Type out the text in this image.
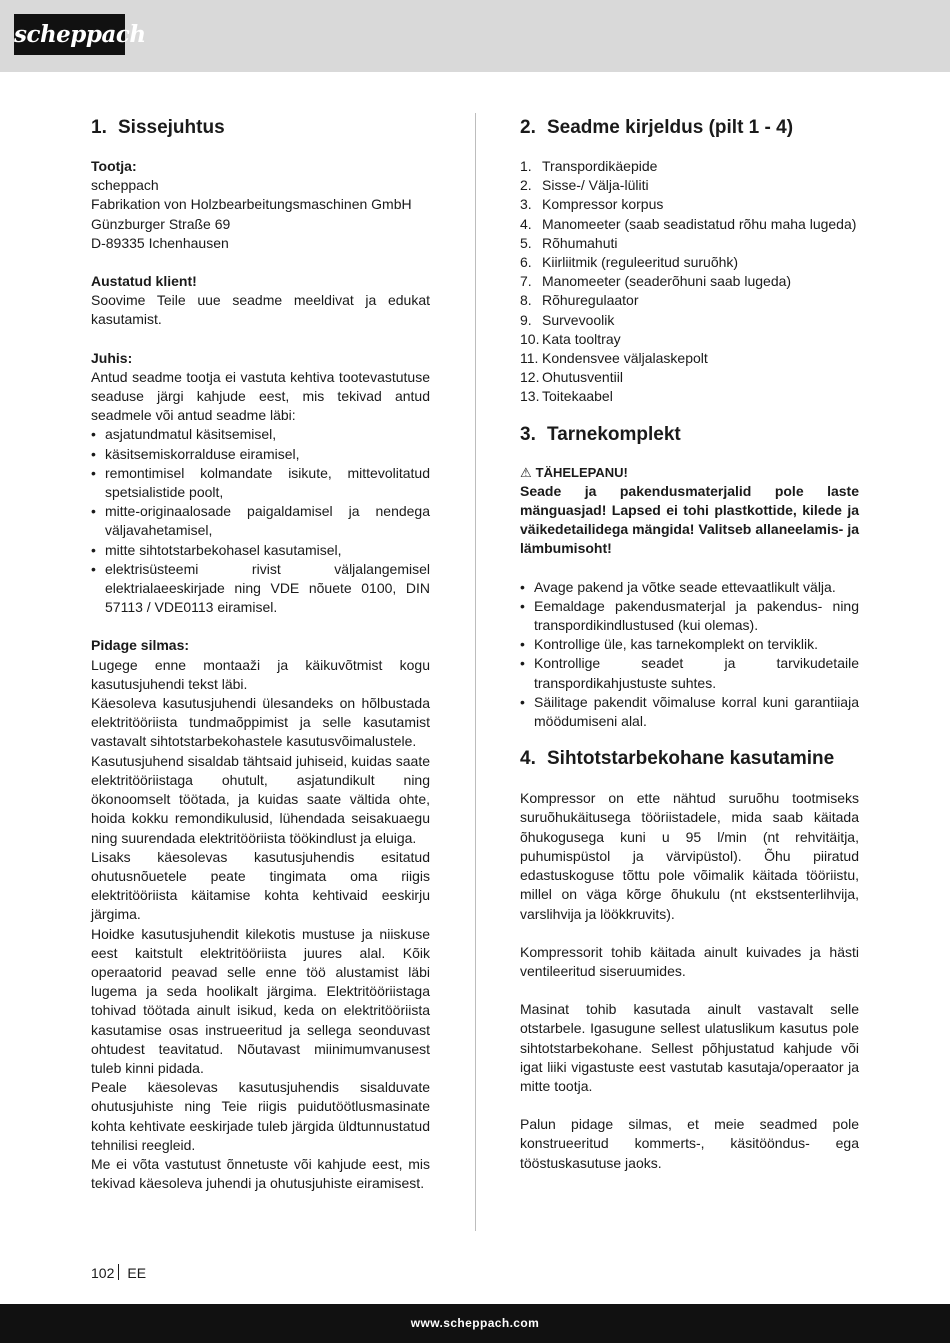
scheppach
1. Sissejuhtus

Tootja:

scheppach

Fabrikation von Holzbearbeitungsmaschinen GmbH

Günzburger Straße 69

D-89335 Ichenhausen

Austatud klient!

Soovime Teile uue seadme meeldivat ja edukat kasutamist.

Juhis:

Antud seadme tootja ei vastuta kehtiva tootevastutuse seaduse järgi kahjude eest, mis tekivad antud seadmele või antud seadme läbi:

• asjatundmatul käsitsemisel,
• käsitsemiskorralduse eiramisel,
• remontimisel kolmandate isikute, mittevolitatud spetsialistide poolt,
• mitte-originaalosade paigaldamisel ja nendega väljavahetamisel,
• mitte sihtotstarbekohasel kasutamisel,
• elektrisüsteemi rivist väljalangemisel elektrialaeeskirjade ning VDE nõuete 0100, DIN 57113 / VDE0113 eiramisel.

Pidage silmas:

Lugege enne montaaži ja käikuvõtmist kogu kasutusjuhendi tekst läbi.

Käesoleva kasutusjuhendi ülesandeks on hõlbustada elektritööriista tundmaõppimist ja selle kasutamist vastavalt sihtotstarbekohastele kasutusvõimalustele.

Kasutusjuhend sisaldab tähtsaid juhiseid, kuidas saate elektritööriistaga ohutult, asjatundikult ning ökonoomselt töötada, ja kuidas saate vältida ohte, hoida kokku remondikulusid, lühendada seisakuaegu ning suurendada elektritööriista töökindlust ja eluiga.

Lisaks käesolevas kasutusjuhendis esitatud ohutusnõuetele peate tingimata oma riigis elektritööriista käitamise kohta kehtivaid eeskirju järgima.

Hoidke kasutusjuhendit kilekotis mustuse ja niiskuse eest kaitstult elektritööriista juures alal. Kõik operaatorid peavad selle enne töö alustamist läbi lugema ja seda hoolikalt järgima. Elektritööriistaga tohivad töötada ainult isikud, keda on elektritööriista kasutamise osas instrueeritud ja sellega seonduvast ohtudest teavitatud. Nõutavast miinimumvanusest tuleb kinni pidada.

Peale käesolevas kasutusjuhendis sisalduvate ohutusjuhiste ning Teie riigis puidutöötlusmasinate kohta kehtivate eeskirjade tuleb järgida üldtunnustatud tehnilisi reegleid.

Me ei võta vastutust õnnetuste või kahjude eest, mis tekivad käesoleva juhendi ja ohutusjuhiste eiramisest.

2. Seadme kirjeldus (pilt 1 - 4)
1. Transpordikäepide
2. Sisse-/ Välja-lüliti
3. Kompressor korpus
4. Manomeeter (saab seadistatud rõhu maha lugeda)
5. Rõhumahuti
6. Kiirliitmik (reguleeritud suruõhk)
7. Manomeeter (seaderõhuni saab lugeda)
8. Rõhuregulaator
9. Survevoolik
10. Kata tooltray
11. Kondensvee väljalaskepolt
12. Ohutusventiil
13. Toitekaabel
3. Tarnekomplekt

⚠ TÄHELEPANU!

Seade ja pakendusmaterjalid pole laste mänguasjad! Lapsed ei tohi plastkottide, kilede ja väikedetailidega mängida! Valitseb allaneelamis- ja lämbumisoht!

• Avage pakend ja võtke seade ettevaatlikult välja.
• Eemaldage pakendusmaterjal ja pakendus- ning transpordikindlustused (kui olemas).
• Kontrollige üle, kas tarnekomplekt on terviklik.
• Kontrollige seadet ja tarvikudetaile transpordikahjustuste suhtes.
• Säilitage pakendit võimaluse korral kuni garantiiaja möödumiseni alal.
4. Sihtotstarbekohane kasutamine

Kompressor on ette nähtud suruõhu tootmiseks suruõhukäitusega tööriistadele, mida saab käitada õhukogusega kuni u 95 l/min (nt rehvitäitja, puhumispüstol ja värvipüstol). Õhu piiratud edastuskoguse tõttu pole võimalik käitada tööriistu, millel on väga kõrge õhukulu (nt ekstsenterlihvija, varslihvija ja löökkruvits).

Kompressorit tohib käitada ainult kuivades ja hästi ventileeritud siseruumides.

Masinat tohib kasutada ainult vastavalt selle otstarbele. Igasugune sellest ulatuslikum kasutus pole sihtotstarbekohane. Sellest põhjustatud kahjude või igat liiki vigastuste eest vastutab kasutaja/operaator ja mitte tootja.

Palun pidage silmas, et meie seadmed pole konstrueeritud kommerts-, käsitööndus- ega tööstuskasutuse jaoks.

102 EE
www.scheppach.com
